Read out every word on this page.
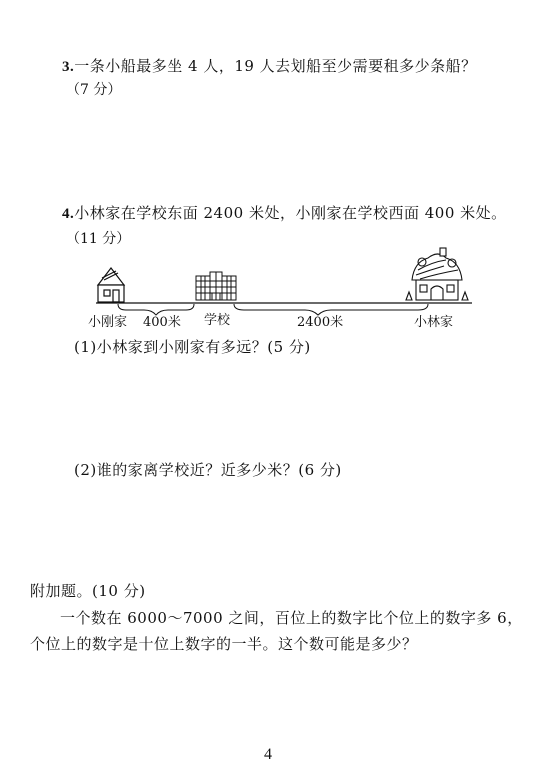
3.一条小船最多坐 4 人，19 人去划船至少需要租多少条船？
（7 分）
4.小林家在学校东面 2400 米处，小刚家在学校西面 400 米处。
（11 分）
小刚家 400米 学校	2400米	小林家
(1)小林家到小刚家有多远？(5 分)
(2)谁的家离学校近？近多少米？(6 分)
附加题。(10 分)
一个数在 6000～7000 之间，百位上的数字比个位上的数字多 6，
个位上的数字是十位上数字的一半。这个数可能是多少？
4
